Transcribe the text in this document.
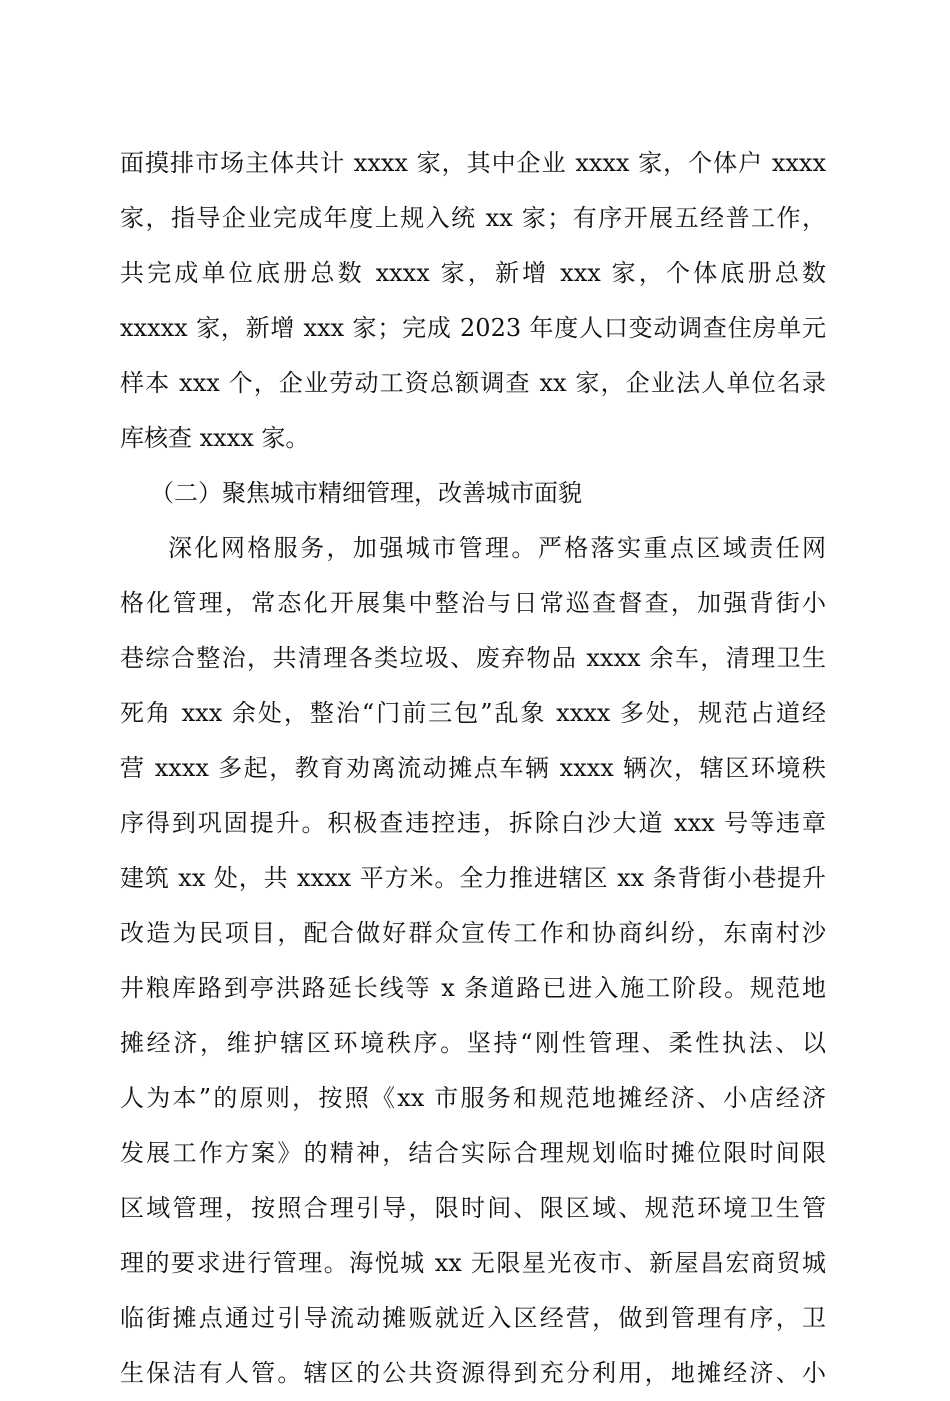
面摸排市场主体共计 xxxx 家，其中企业 xxxx 家，个体户 xxxx
家，指导企业完成年度上规入统 xx 家；有序开展五经普工作，
共完成单位底册总数 xxxx 家，新增 xxx 家，个体底册总数
xxxxx 家，新增 xxx 家；完成 2023 年度人口变动调查住房单元
样本 xxx 个，企业劳动工资总额调查 xx 家，企业法人单位名录
库核查 xxxx 家。
（二）聚焦城市精细管理，改善城市面貌
深化网格服务，加强城市管理。严格落实重点区域责任网
格化管理，常态化开展集中整治与日常巡查督查，加强背街小
巷综合整治，共清理各类垃圾、废弃物品 xxxx 余车，清理卫生
死角 xxx 余处，整治“门前三包”乱象 xxxx 多处，规范占道经
营 xxxx 多起，教育劝离流动摊点车辆 xxxx 辆次，辖区环境秩
序得到巩固提升。积极查违控违，拆除白沙大道 xxx 号等违章
建筑 xx 处，共 xxxx 平方米。全力推进辖区 xx 条背街小巷提升
改造为民项目，配合做好群众宣传工作和协商纠纷，东南村沙
井粮库路到亭洪路延长线等 x 条道路已进入施工阶段。规范地
摊经济，维护辖区环境秩序。坚持“刚性管理、柔性执法、以
人为本”的原则，按照《xx 市服务和规范地摊经济、小店经济
发展工作方案》的精神，结合实际合理规划临时摊位限时间限
区域管理，按照合理引导，限时间、限区域、规范环境卫生管
理的要求进行管理。海悦城 xx 无限星光夜市、新屋昌宏商贸城
临街摊点通过引导流动摊贩就近入区经营，做到管理有序，卫
生保洁有人管。辖区的公共资源得到充分利用，地摊经济、小
